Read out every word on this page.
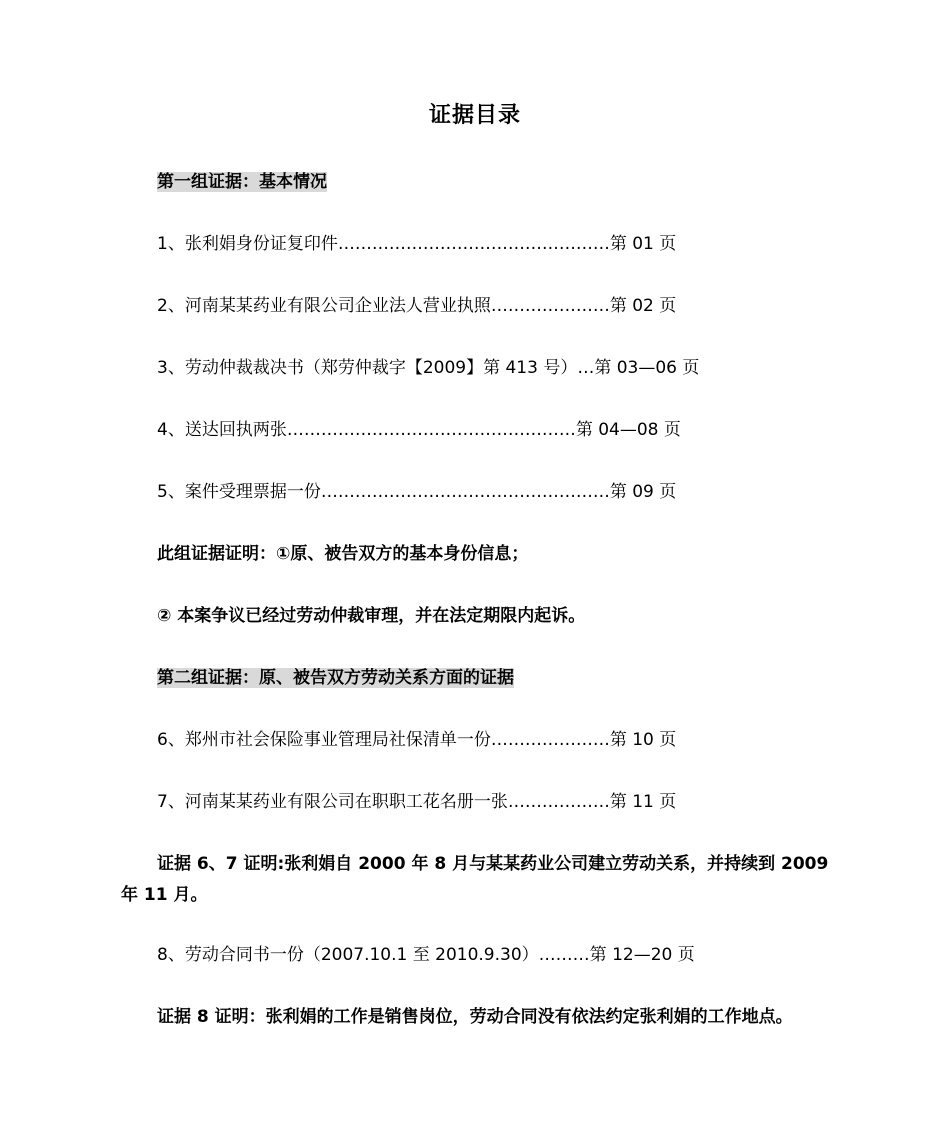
证据目录
第一组证据：基本情况
1、张利娟身份证复印件…………………………………………第 01 页
2、河南某某药业有限公司企业法人营业执照…………………第 02 页
3、劳动仲裁裁决书（郑劳仲裁字【2009】第 413 号）…第 03—06 页
4、送达回执两张……………………………………………第 04—08 页
5、案件受理票据一份……………………………………………第 09 页
此组证据证明：①原、被告双方的基本身份信息；
② 本案争议已经过劳动仲裁审理，并在法定期限内起诉。
第二组证据：原、被告双方劳动关系方面的证据
6、郑州市社会保险事业管理局社保清单一份…………………第 10 页
7、河南某某药业有限公司在职职工花名册一张………………第 11 页
证据 6、7 证明:张利娟自 2000 年 8 月与某某药业公司建立劳动关系，并持续到 2009 年 11 月。
8、劳动合同书一份（2007.10.1 至 2010.9.30）………第 12—20 页
证据 8 证明：张利娟的工作是销售岗位，劳动合同没有依法约定张利娟的工作地点。
